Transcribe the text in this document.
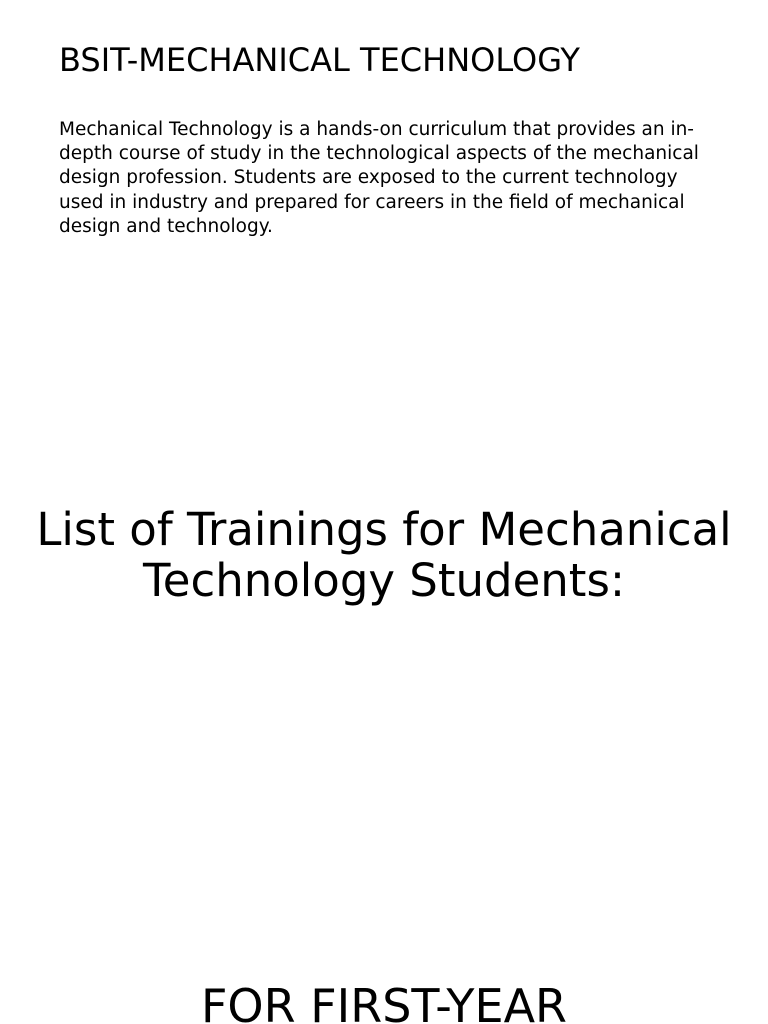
BSIT-MECHANICAL TECHNOLOGY

Mechanical Technology is a hands-on curriculum that provides an in-depth course of study in the technological aspects of the mechanical design profession. Students are exposed to the current technology used in industry and prepared for careers in the field of mechanical design and technology.

List of Trainings for Mechanical Technology Students:
FOR FIRST-YEAR
